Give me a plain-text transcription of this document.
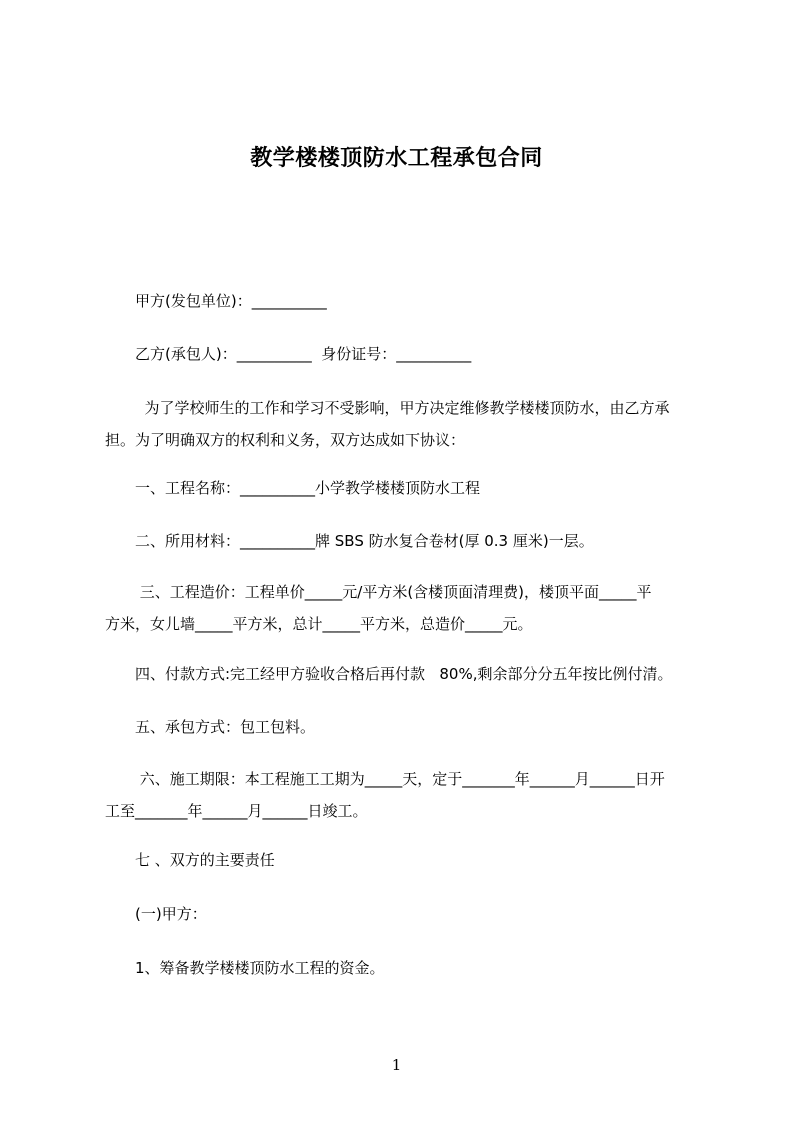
教学楼楼顶防水工程承包合同
甲方(发包单位)：__________
乙方(承包人)：__________  身份证号：__________
为了学校师生的工作和学习不受影响，甲方决定维修教学楼楼顶防水，由乙方承
担。为了明确双方的权利和义务，双方达成如下协议：
一、工程名称：__________小学教学楼楼顶防水工程
二、所用材料：__________牌 SBS 防水复合卷材(厚 0.3 厘米)一层。
三、工程造价：工程单价_____元/平方米(含楼顶面清理费)，楼顶平面_____平
方米，女儿墙_____平方米，总计_____平方米，总造价_____元。
四、付款方式:完工经甲方验收合格后再付款   80%,剩余部分分五年按比例付清。
五、承包方式：包工包料。
六、施工期限：本工程施工工期为_____天，定于_______年______月______日开
工至_______年______月______日竣工。
七 、双方的主要责任
(一)甲方：
1、筹备教学楼楼顶防水工程的资金。
1
